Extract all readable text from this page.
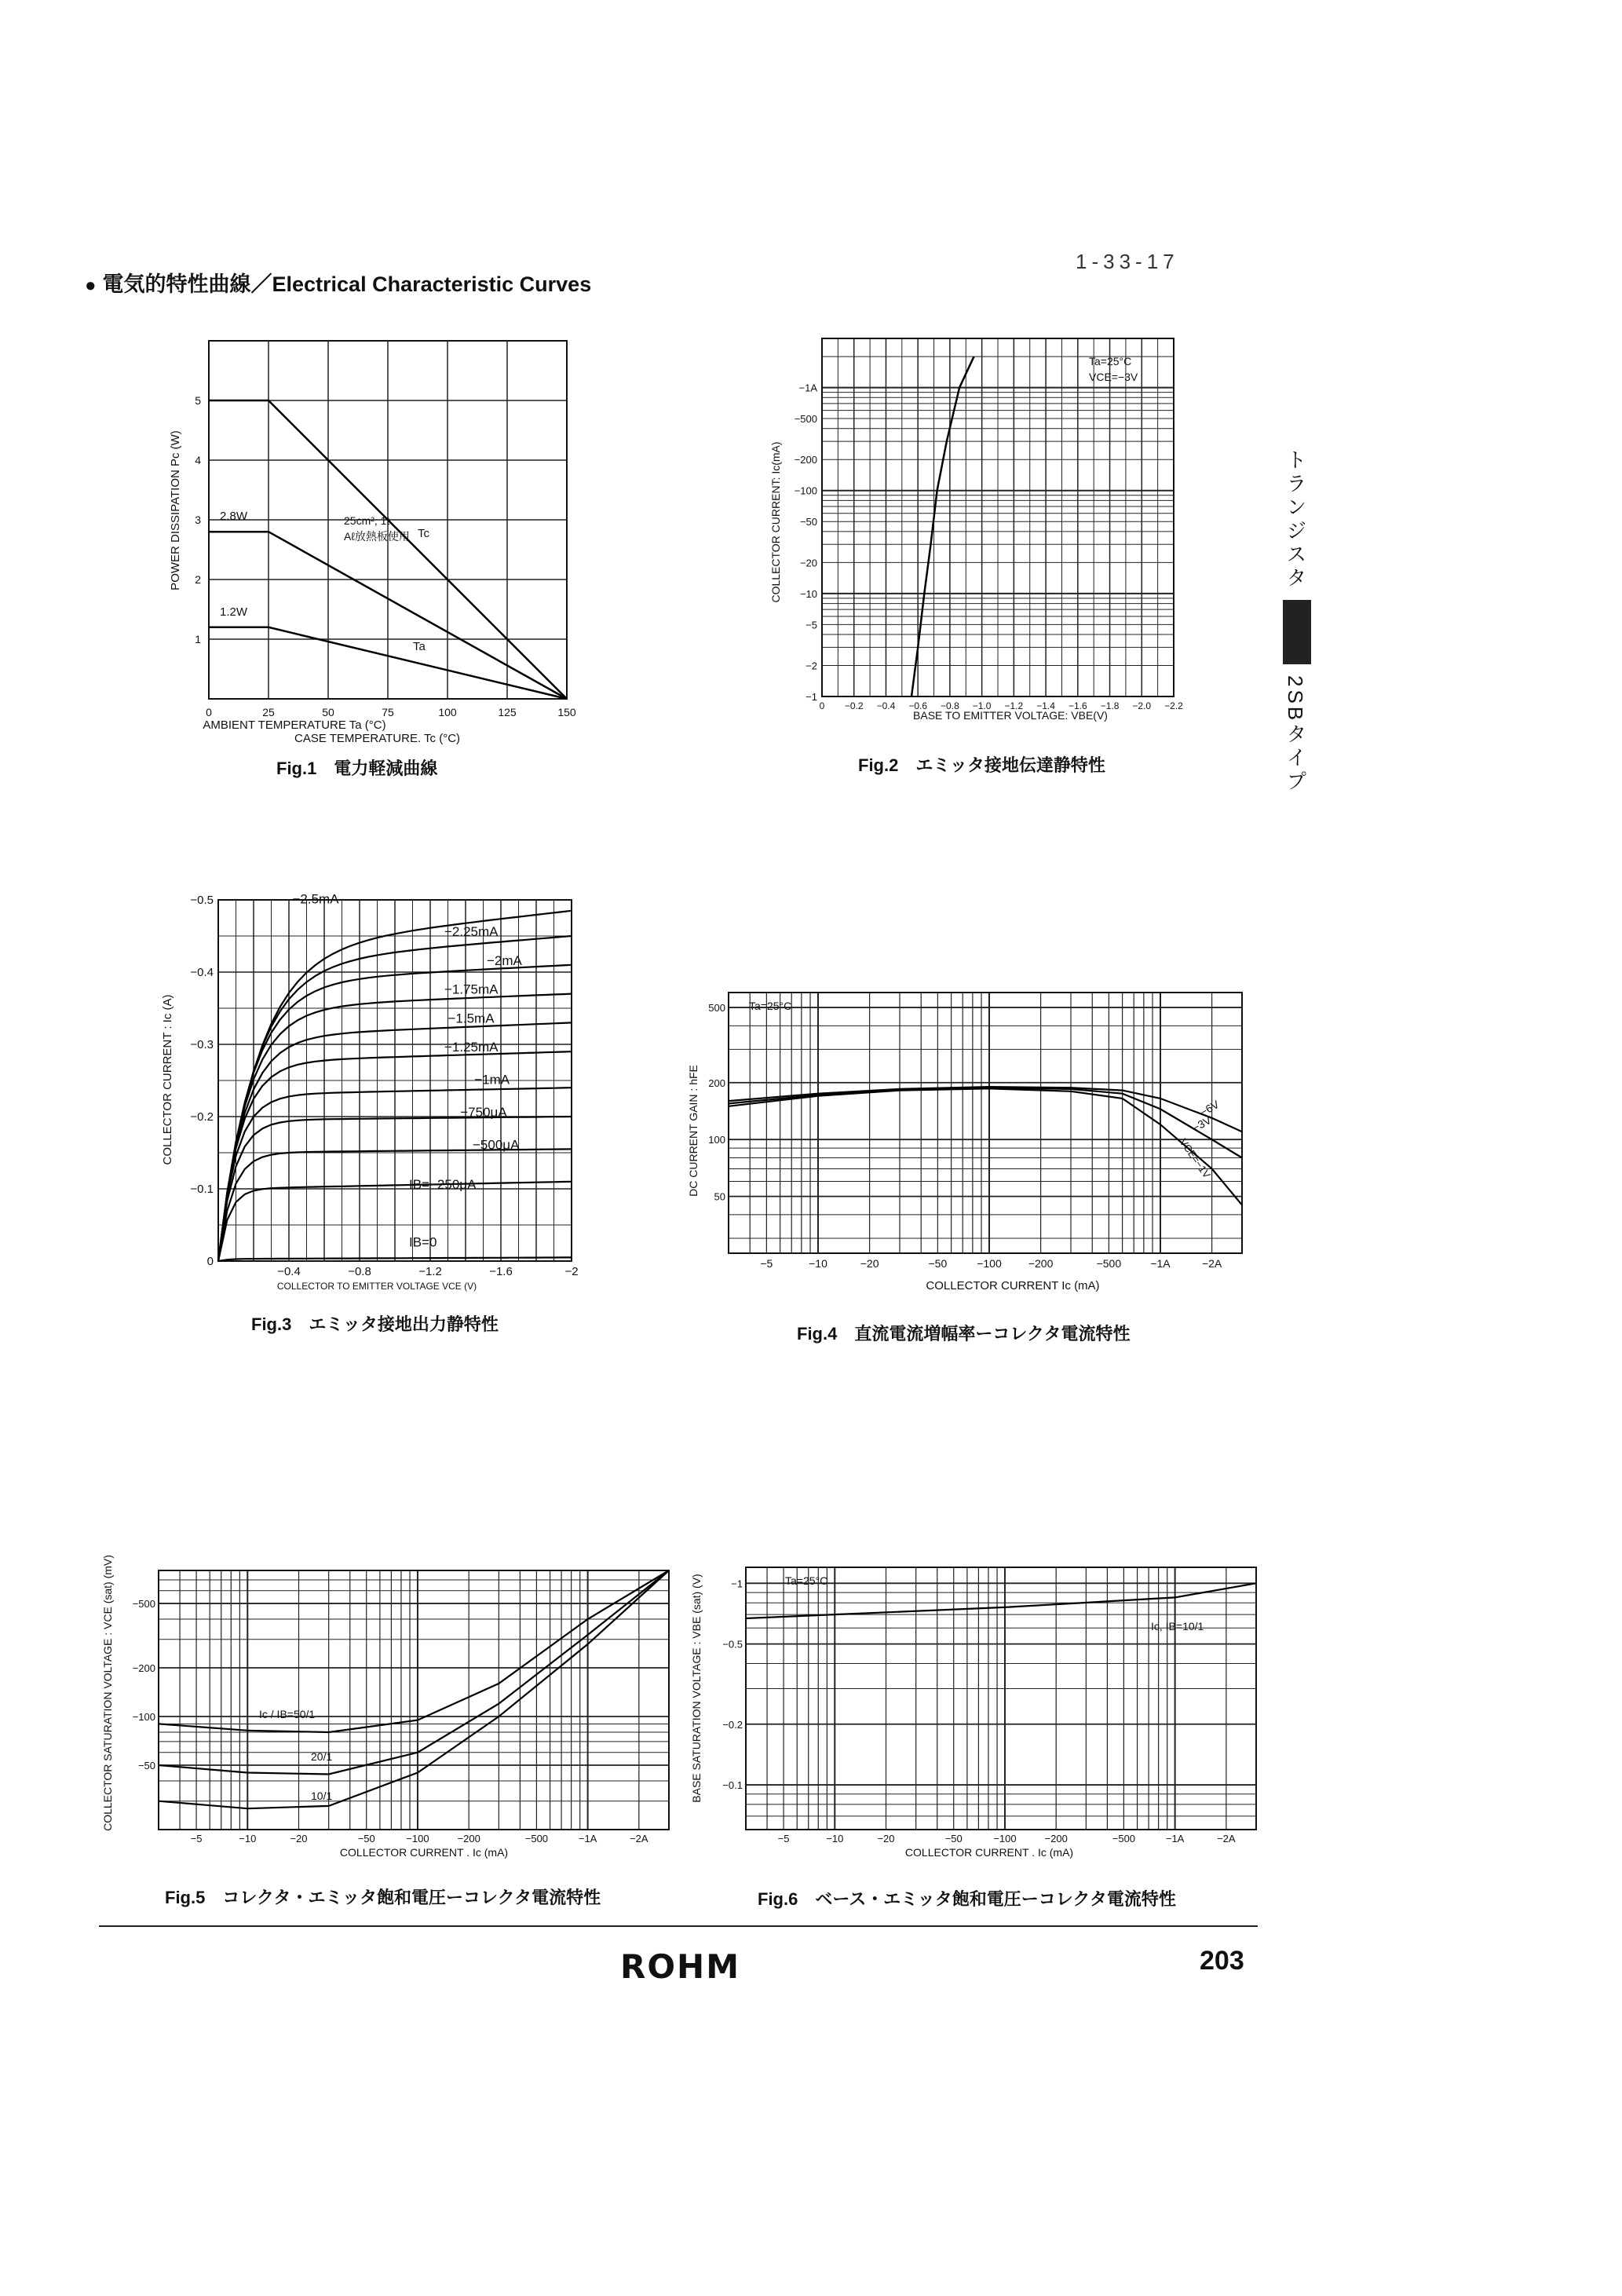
● 電気的特性曲線／Electrical Characteristic Curves
1-33-17
トランジスタ
2SBタイプ
0	25	50	75	100	125	150
1
2
3
4
5
25cm², 1t
Aℓ放熱板使用 Tc
Ta
2.8W
1.2W
AMBIENT TEMPERATURE Ta (°C)
POWER DISSIPATION Pc (W)
CASE TEMPERATURE. Tc (°C)
Fig.1　電力軽減曲線
0 −0.2 −0.4 −0.6 −0.8 −1.0 −1.2 −1.4 −1.6 −1.8 −2.0 −2.2
−1A
−500
−200
−100
−50
−20
−10
−5
−2
−1
Ta=25°C
VCE=−3V
BASE TO EMITTER VOLTAGE: VBE(V)
COLLECTOR CURRENT: Ic(mA)
Fig.2　エミッタ接地伝達静特性
−0.4	−0.8	−1.2	−1.6	−2
0
−0.1
−0.2
−0.3
−0.4
−0.5	−2.5mA
−2.25mA
−2mA
−1.75mA
−1.5mA
−1.25mA
−1mA
−750μA
−500μA
IB=−250μA
IB=0
COLLECTOR TO EMITTER VOLTAGE VCE (V)
COLLECTOR CURRENT : Ic (A)
Fig.3　エミッタ接地出力静特性
−5	−10	−20	−50	−100 −200	−500	−1A	−2A
500
200
100
50
Ta=25°C
−6V
−3V
VCE=−1V
COLLECTOR CURRENT Ic (mA)
DC CURRENT GAIN : hFE
Fig.4　直流電流増幅率ーコレクタ電流特性
−5	−10	−20	−50	−100	−200	−500	−1A	−2A
−500
−200
−100
−50
Ic / IB=50/1
20/1
10/1
COLLECTOR CURRENT . Ic (mA)
COLLECTOR SATURATION VOLTAGE : VCE (sat) (mV)
Fig.5　コレクタ・エミッタ飽和電圧ーコレクタ電流特性
−5	−10	−20	−50	−100	−200	−500	−1A	−2A
−1
−0.5
−0.2
−0.1
Ta=25°C
Ic, IB=10/1
COLLECTOR CURRENT . Ic (mA)
BASE SATURATION VOLTAGE : VBE (sat) (V)
Fig.6　ベース・エミッタ飽和電圧ーコレクタ電流特性
ROHM	203
